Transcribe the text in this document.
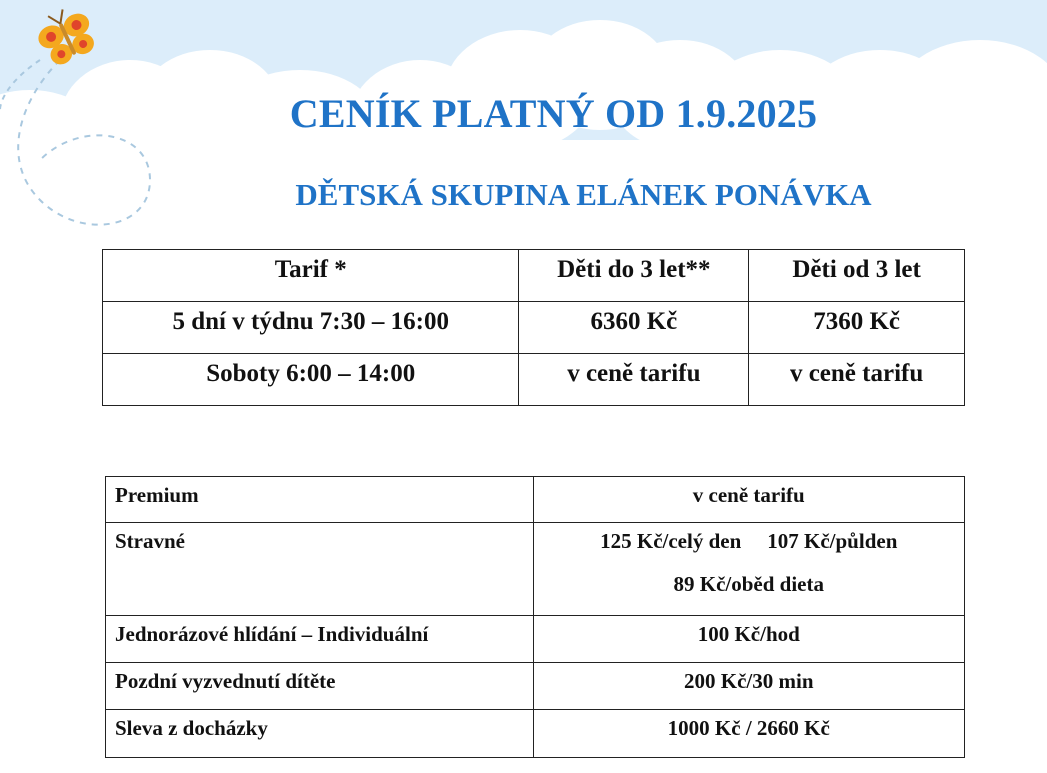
CENÍK PLATNÝ OD 1.9.2025
DĚTSKÁ SKUPINA ELÁNEK PONÁVKA
Tarif *	Děti do 3 let**	Děti od 3 let
5 dní v týdnu 7:30 – 16:00	6360 Kč	7360 Kč
Soboty 6:00 – 14:00	v ceně tarifu	v ceně tarifu
Premium	v ceně tarifu
Stravné	125 Kč/celý den 107 Kč/půlden
89 Kč/oběd dieta

Jednorázové hlídání – Individuální	100 Kč/hod
Pozdní vyzvednutí dítěte	200 Kč/30 min
Sleva z docházky	1000 Kč / 2660 Kč
